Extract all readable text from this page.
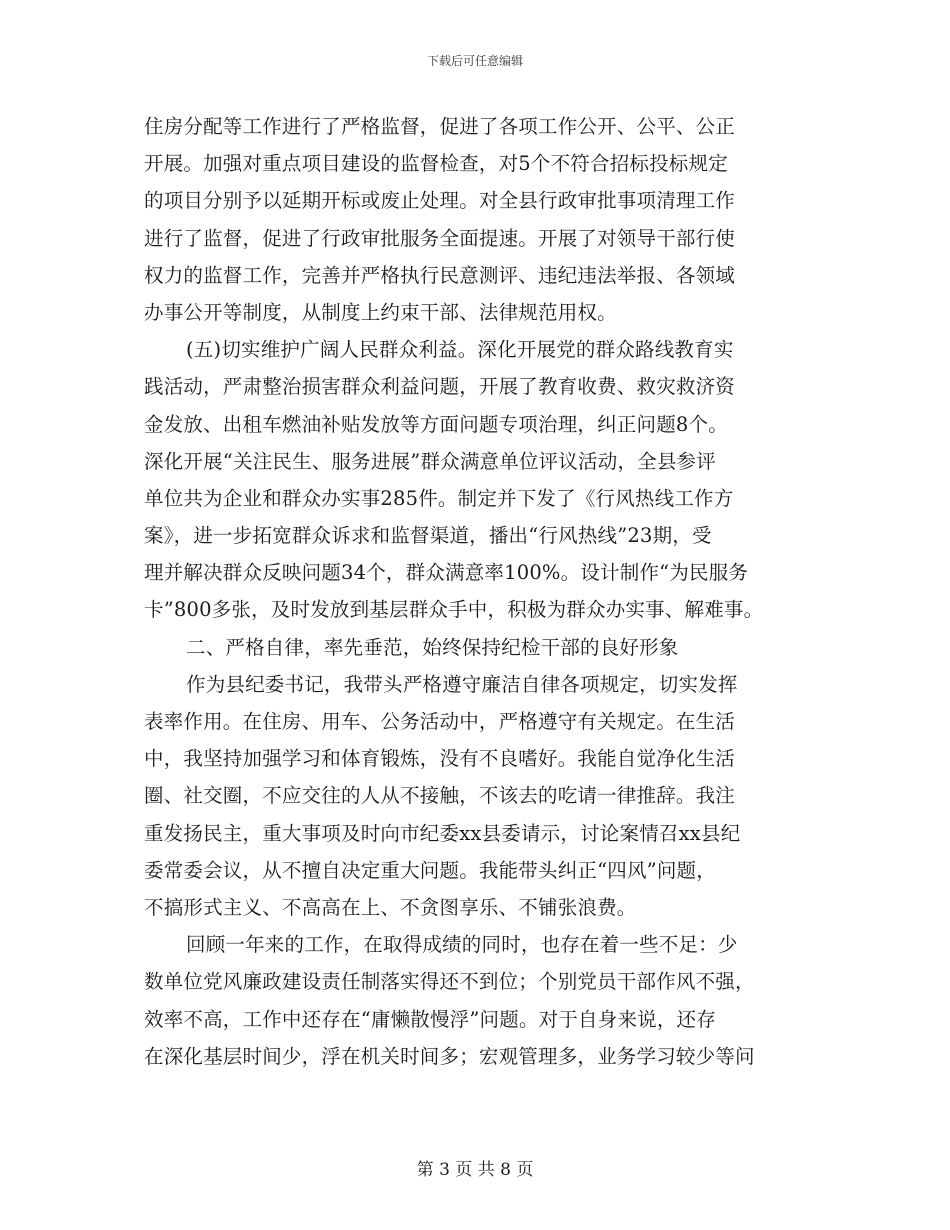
下载后可任意编辑
住房分配等工作进行了严格监督，促进了各项工作公开、公平、公正
开展。加强对重点项目建设的监督检查，对5个不符合招标投标规定
的项目分别予以延期开标或废止处理。对全县行政审批事项清理工作
进行了监督，促进了行政审批服务全面提速。开展了对领导干部行使
权力的监督工作，完善并严格执行民意测评、违纪违法举报、各领域
办事公开等制度，从制度上约束干部、法律规范用权。
(五)切实维护广阔人民群众利益。深化开展党的群众路线教育实
践活动，严肃整治损害群众利益问题，开展了教育收费、救灾救济资
金发放、出租车燃油补贴发放等方面问题专项治理，纠正问题8个。
深化开展“关注民生、服务进展”群众满意单位评议活动，全县参评
单位共为企业和群众办实事285件。制定并下发了《行风热线工作方
案》，进一步拓宽群众诉求和监督渠道，播出“行风热线”23期，受
理并解决群众反映问题34个，群众满意率100%。设计制作“为民服务
卡”800多张，及时发放到基层群众手中，积极为群众办实事、解难事。
二、严格自律，率先垂范，始终保持纪检干部的良好形象
作为县纪委书记，我带头严格遵守廉洁自律各项规定，切实发挥
表率作用。在住房、用车、公务活动中，严格遵守有关规定。在生活
中，我坚持加强学习和体育锻炼，没有不良嗜好。我能自觉净化生活
圈、社交圈，不应交往的人从不接触，不该去的吃请一律推辞。我注
重发扬民主，重大事项及时向市纪委xx县委请示，讨论案情召xx县纪
委常委会议，从不擅自决定重大问题。我能带头纠正“四风”问题，
不搞形式主义、不高高在上、不贪图享乐、不铺张浪费。
回顾一年来的工作，在取得成绩的同时，也存在着一些不足：少
数单位党风廉政建设责任制落实得还不到位；个别党员干部作风不强，
效率不高，工作中还存在“庸懒散慢浮”问题。对于自身来说，还存
在深化基层时间少，浮在机关时间多；宏观管理多，业务学习较少等问
第 3 页 共 8 页
